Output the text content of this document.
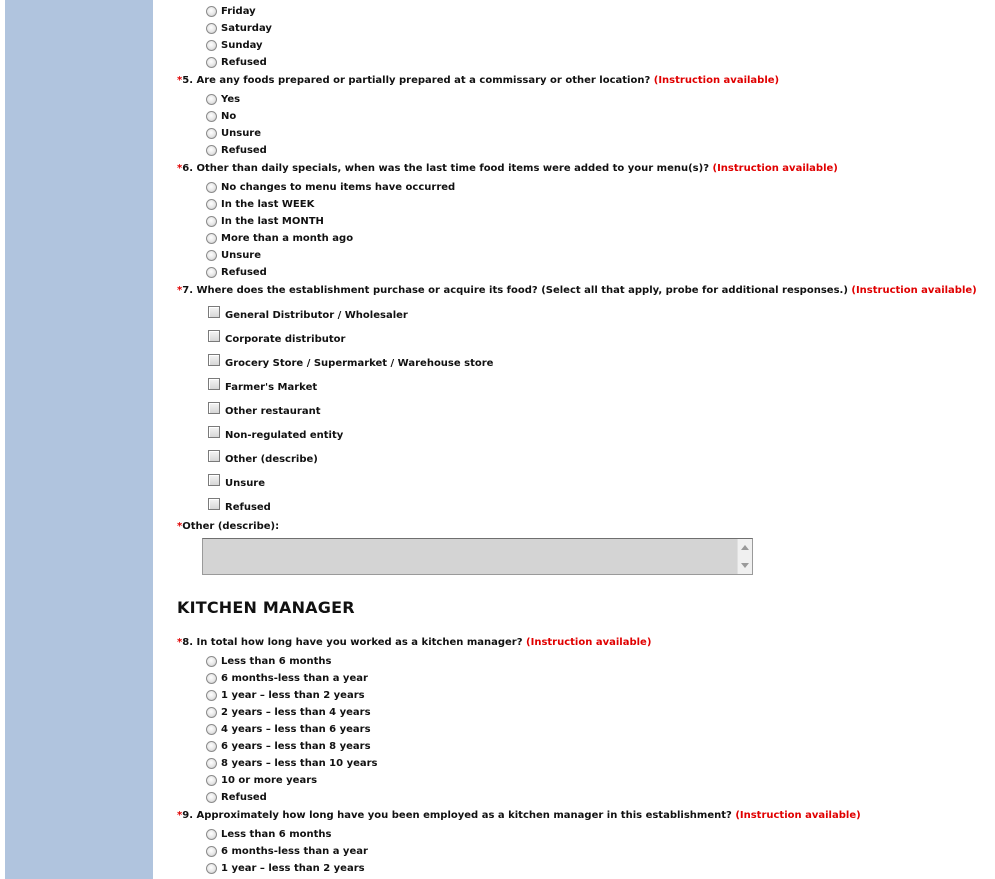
Friday
Saturday
Sunday
Refused
*5. Are any foods prepared or partially prepared at a commissary or other location? (Instruction available)
Yes
No
Unsure
Refused
*6. Other than daily specials, when was the last time food items were added to your menu(s)? (Instruction available)
No changes to menu items have occurred
In the last WEEK
In the last MONTH
More than a month ago
Unsure
Refused
*7. Where does the establishment purchase or acquire its food? (Select all that apply, probe for additional responses.) (Instruction available)
General Distributor / Wholesaler
Corporate distributor
Grocery Store / Supermarket / Warehouse store
Farmer's Market
Other restaurant
Non-regulated entity
Other (describe)
Unsure
Refused
*Other (describe):
KITCHEN MANAGER
*8. In total how long have you worked as a kitchen manager? (Instruction available)
Less than 6 months
6 months-less than a year
1 year – less than 2 years
2 years – less than 4 years
4 years – less than 6 years
6 years – less than 8 years
8 years – less than 10 years
10 or more years
Refused
*9. Approximately how long have you been employed as a kitchen manager in this establishment? (Instruction available)
Less than 6 months
6 months-less than a year
1 year – less than 2 years
